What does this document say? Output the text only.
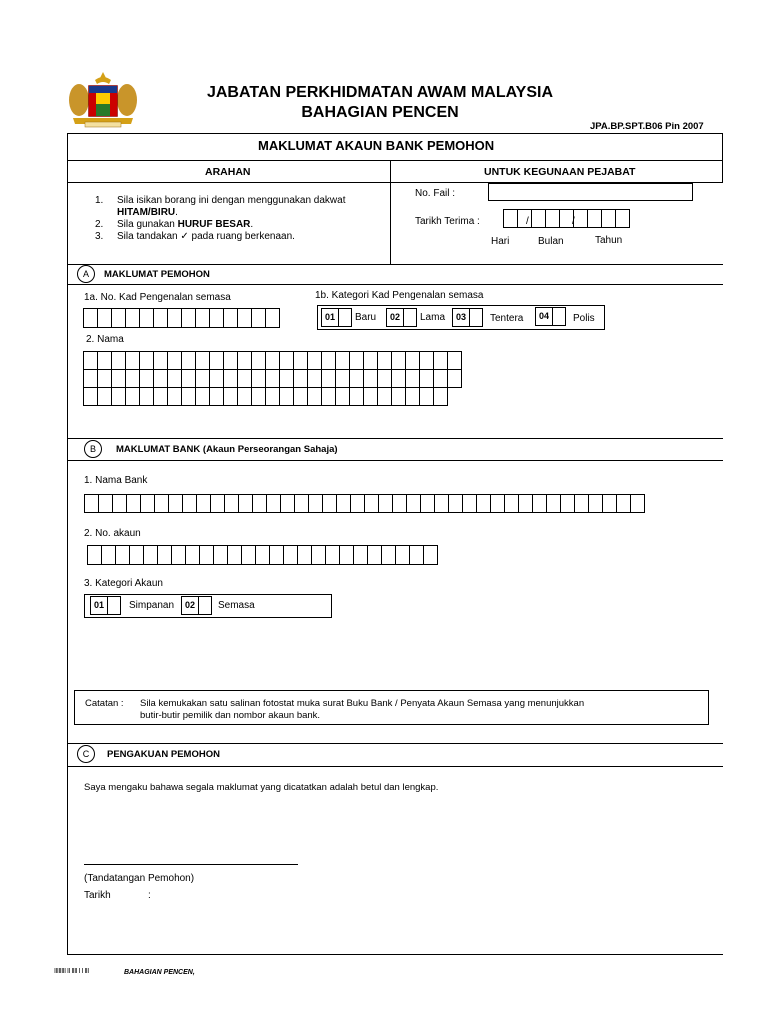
JABATAN PERKHIDMATAN AWAM MALAYSIA
BAHAGIAN PENCEN
JPA.BP.SPT.B06 Pin 2007
MAKLUMAT AKAUN BANK PEMOHON
ARAHAN	UNTUK KEGUNAAN PEJABAT
1. Sila isikan borang ini dengan menggunakan dakwat
HITAM/BIRU.
2. Sila gunakan HURUF BESAR.
3. Sila tandakan ✓ pada ruang berkenaan.
No. Fail :
Tarikh Terima :	/	/
Hari	Bulan	Tahun
A	MAKLUMAT PEMOHON
1a. No. Kad Pengenalan semasa	1b. Kategori Kad Pengenalan semasa
01	Baru	02	Lama	03	Tentera	04	Polis
2. Nama
B	MAKLUMAT BANK (Akaun Perseorangan Sahaja)
1. Nama Bank
2. No. akaun
3. Kategori Akaun
01	Simpanan	02	Semasa
Catatan : Sila kemukakan satu salinan fotostat muka surat Buku Bank / Penyata Akaun Semasa yang menunjukkan
butir-butir pemilik dan nombor akaun bank.
C	PENGAKUAN PEMOHON
Saya mengaku bahawa segala maklumat yang dicatatkan adalah betul dan lengkap.
(Tandatangan Pemohon)
Tarikh	:
IIIIIIII II IIII I I III	BAHAGIAN PENCEN,
